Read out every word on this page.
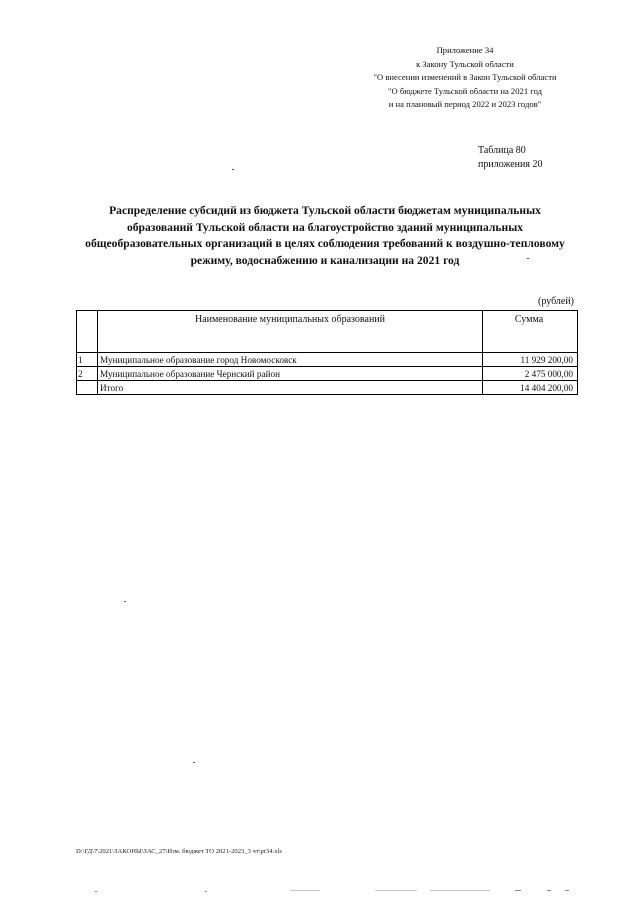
Приложение 34
к Закону Тульской области
"О внесении изменений в Закон Тульской области
"О бюджете Тульской области на 2021 год
и на плановый период 2022 и 2023 годов"
Таблица 80
приложения 20
Распределение субсидий из бюджета Тульской области бюджетам муниципальных образований Тульской области на благоустройство зданий муниципальных общеобразовательных организаций в целях соблюдения требований к воздушно-тепловому режиму, водоснабжению и канализации на 2021 год
(рублей)
	Наименование муниципальных образований	Сумма
1	Муниципальное образование город Новомосковск	11 929 200,00
2	Муниципальное образование Чернский район	2 475 000,00
	Итого	14 404 200,00
D:\ГД\7\2021\ЗАКОНЫ\ЗАС_27\Изм. бюджет ТО 2021-2023_3 чт\pr34.xls
